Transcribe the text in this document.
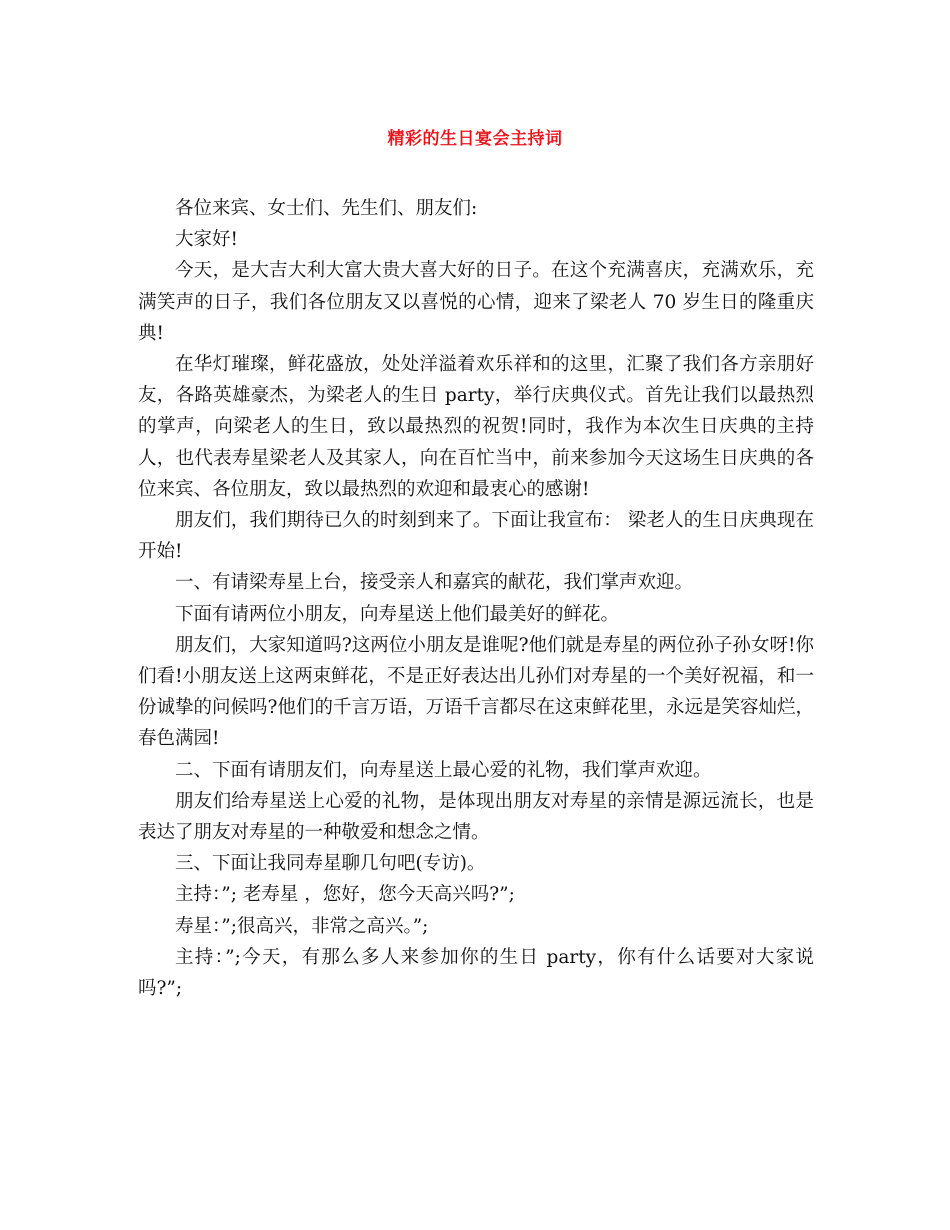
精彩的生日宴会主持词

各位来宾、女士们、先生们、朋友们:

大家好!

今天，是大吉大利大富大贵大喜大好的日子。在这个充满喜庆，充满欢乐，充满笑声的日子，我们各位朋友又以喜悦的心情，迎来了梁老人 70 岁生日的隆重庆典!

在华灯璀璨，鲜花盛放，处处洋溢着欢乐祥和的这里，汇聚了我们各方亲朋好友，各路英雄豪杰，为梁老人的生日 party，举行庆典仪式。首先让我们以最热烈的掌声，向梁老人的生日，致以最热烈的祝贺!同时，我作为本次生日庆典的主持人，也代表寿星梁老人及其家人，向在百忙当中，前来参加今天这场生日庆典的各位来宾、各位朋友，致以最热烈的欢迎和最衷心的感谢!

朋友们，我们期待已久的时刻到来了。下面让我宣布： 梁老人的生日庆典现在开始!

一、有请梁寿星上台，接受亲人和嘉宾的献花，我们掌声欢迎。

下面有请两位小朋友，向寿星送上他们最美好的鲜花。

朋友们，大家知道吗?这两位小朋友是谁呢?他们就是寿星的两位孙子孙女呀!你们看!小朋友送上这两束鲜花，不是正好表达出儿孙们对寿星的一个美好祝福，和一份诚挚的问候吗?他们的千言万语，万语千言都尽在这束鲜花里，永远是笑容灿烂，春色满园!

二、下面有请朋友们，向寿星送上最心爱的礼物，我们掌声欢迎。

朋友们给寿星送上心爱的礼物，是体现出朋友对寿星的亲情是源远流长，也是表达了朋友对寿星的一种敬爱和想念之情。

三、下面让我同寿星聊几句吧(专访)。

主持：”; 老寿星 ，您好，您今天高兴吗?”;

寿星：”;很高兴，非常之高兴。”;

主持：”;今天，有那么多人来参加你的生日 party，你有什么话要对大家说吗?”;
